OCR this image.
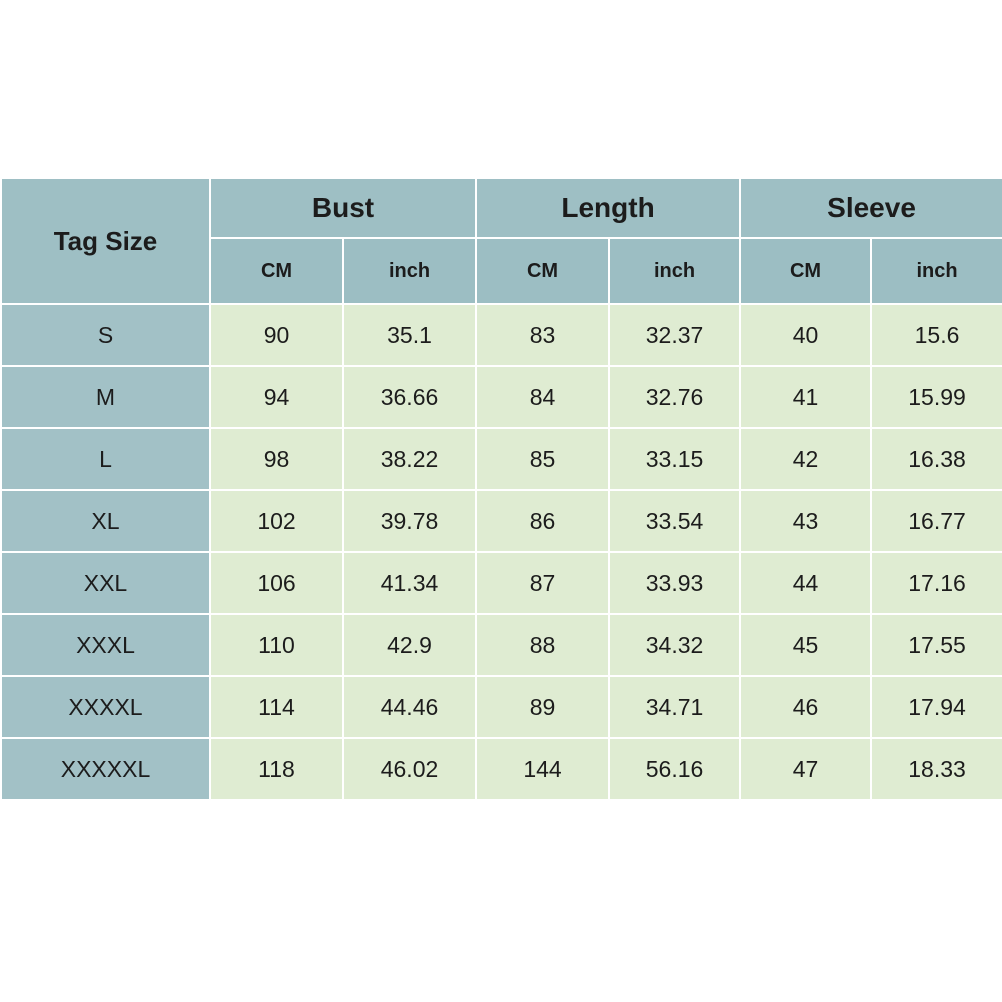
Tag Size	Bust		Length		Sleeve	
	CM	inch	CM	inch	CM	inch
S	90	35.1	83	32.37	40	15.6
M	94	36.66	84	32.76	41	15.99
L	98	38.22	85	33.15	42	16.38
XL	102	39.78	86	33.54	43	16.77
XXL	106	41.34	87	33.93	44	17.16
XXXL	110	42.9	88	34.32	45	17.55
XXXXL	114	44.46	89	34.71	46	17.94
XXXXXL	118	46.02	144	56.16	47	18.33
